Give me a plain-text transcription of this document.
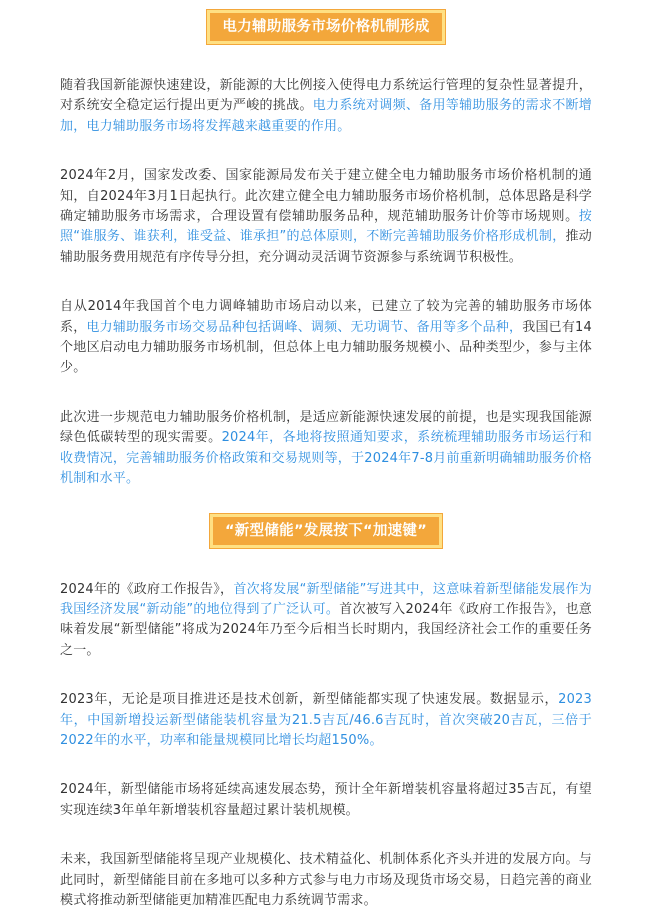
电力辅助服务市场价格机制形成

随着我国新能源快速建设，新能源的大比例接入使得电力系统运行管理的复杂性显著提升，对系统安全稳定运行提出更为严峻的挑战。电力系统对调频、备用等辅助服务的需求不断增加，电力辅助服务市场将发挥越来越重要的作用。

2024年2月，国家发改委、国家能源局发布关于建立健全电力辅助服务市场价格机制的通知，自2024年3月1日起执行。此次建立健全电力辅助服务市场价格机制，总体思路是科学确定辅助服务市场需求，合理设置有偿辅助服务品种，规范辅助服务计价等市场规则。按照“谁服务、谁获利，谁受益、谁承担”的总体原则，不断完善辅助服务价格形成机制，推动辅助服务费用规范有序传导分担，充分调动灵活调节资源参与系统调节积极性。

自从2014年我国首个电力调峰辅助市场启动以来，已建立了较为完善的辅助服务市场体系，电力辅助服务市场交易品种包括调峰、调频、无功调节、备用等多个品种，我国已有14个地区启动电力辅助服务市场机制，但总体上电力辅助服务规模小、品种类型少，参与主体少。

此次进一步规范电力辅助服务价格机制，是适应新能源快速发展的前提，也是实现我国能源绿色低碳转型的现实需要。2024年，各地将按照通知要求，系统梳理辅助服务市场运行和收费情况，完善辅助服务价格政策和交易规则等，于2024年7-8月前重新明确辅助服务价格机制和水平。

“新型储能”发展按下“加速键”

2024年的《政府工作报告》，首次将发展“新型储能”写进其中，这意味着新型储能发展作为我国经济发展“新动能”的地位得到了广泛认可。首次被写入2024年《政府工作报告》，也意味着发展“新型储能”将成为2024年乃至今后相当长时期内，我国经济社会工作的重要任务之一。

2023年，无论是项目推进还是技术创新，新型储能都实现了快速发展。数据显示，2023年，中国新增投运新型储能装机容量为21.5吉瓦/46.6吉瓦时，首次突破20吉瓦，三倍于2022年的水平，功率和能量规模同比增长均超150%。

2024年，新型储能市场将延续高速发展态势，预计全年新增装机容量将超过35吉瓦，有望实现连续3年单年新增装机容量超过累计装机规模。

未来，我国新型储能将呈现产业规模化、技术精益化、机制体系化齐头并进的发展方向。与此同时，新型储能目前在多地可以多种方式参与电力市场及现货市场交易，日趋完善的商业模式将推动新型储能更加精准匹配电力系统调节需求。
